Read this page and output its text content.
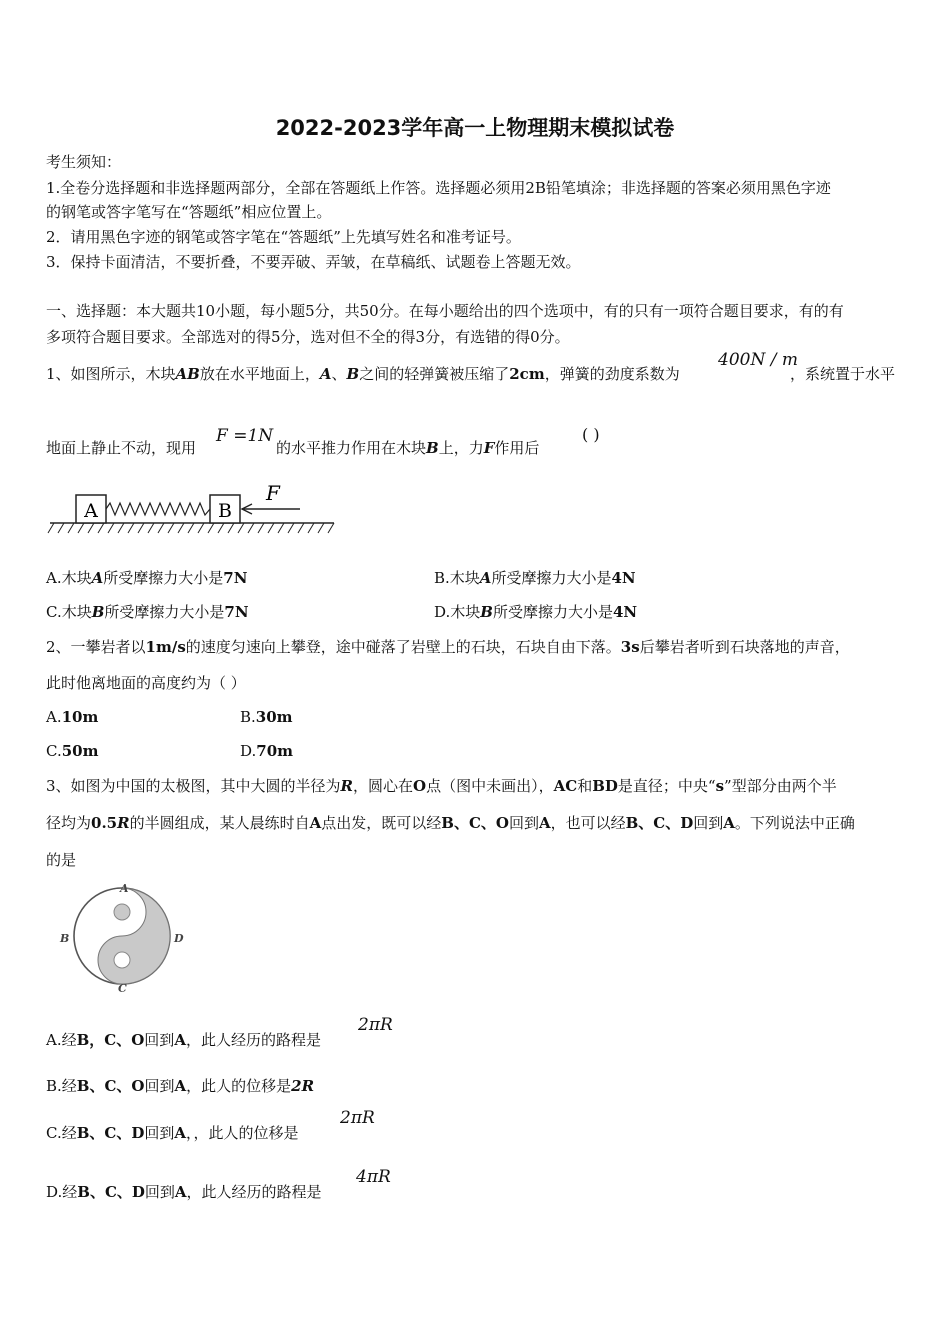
2022-2023学年高一上物理期末模拟试卷
考生须知：
1.全卷分选择题和非选择题两部分，全部在答题纸上作答。选择题必须用2B铅笔填涂；非选择题的答案必须用黑色字迹
的钢笔或答字笔写在“答题纸”相应位置上。
2．请用黑色字迹的钢笔或答字笔在“答题纸”上先填写姓名和准考证号。
3．保持卡面清洁，不要折叠，不要弄破、弄皱，在草稿纸、试题卷上答题无效。
一、选择题：本大题共10小题，每小题5分，共50分。在每小题给出的四个选项中，有的只有一项符合题目要求，有的有
多项符合题目要求。全部选对的得5分，选对但不全的得3分，有选错的得0分。
1、如图所示，木块AB放在水平地面上，A、B之间的轻弹簧被压缩了2cm，弹簧的劲度系数为
400N / m
，系统置于水平
地面上静止不动，现用
F =1N
的水平推力作用在木块B上，力F作用后
( )
A	B
F
A.木块A所受摩擦力大小是7N	B.木块A所受摩擦力大小是4N
C.木块B所受摩擦力大小是7N	D.木块B所受摩擦力大小是4N
2、一攀岩者以1m/s的速度匀速向上攀登，途中碰落了岩壁上的石块，石块自由下落。3s后攀岩者听到石块落地的声音，
此时他离地面的高度约为（ ）
A.10m	B.30m
C.50m	D.70m
3、如图为中国的太极图，其中大圆的半径为R，圆心在O点（图中未画出），AC和BD是直径；中央“s”型部分由两个半
径均为0.5R的半圆组成，某人晨练时自A点出发，既可以经B、C、O回到A，也可以经B、C、D回到A。下列说法中正确
的是
A
B
C
D
A.经B，C、O回到A，此人经历的路程是
2πR
B.经B、C、O回到A，此人的位移是2R
C.经B、C、D回到A，，此人的位移是
2πR
D.经B、C、D回到A，此人经历的路程是
4πR
